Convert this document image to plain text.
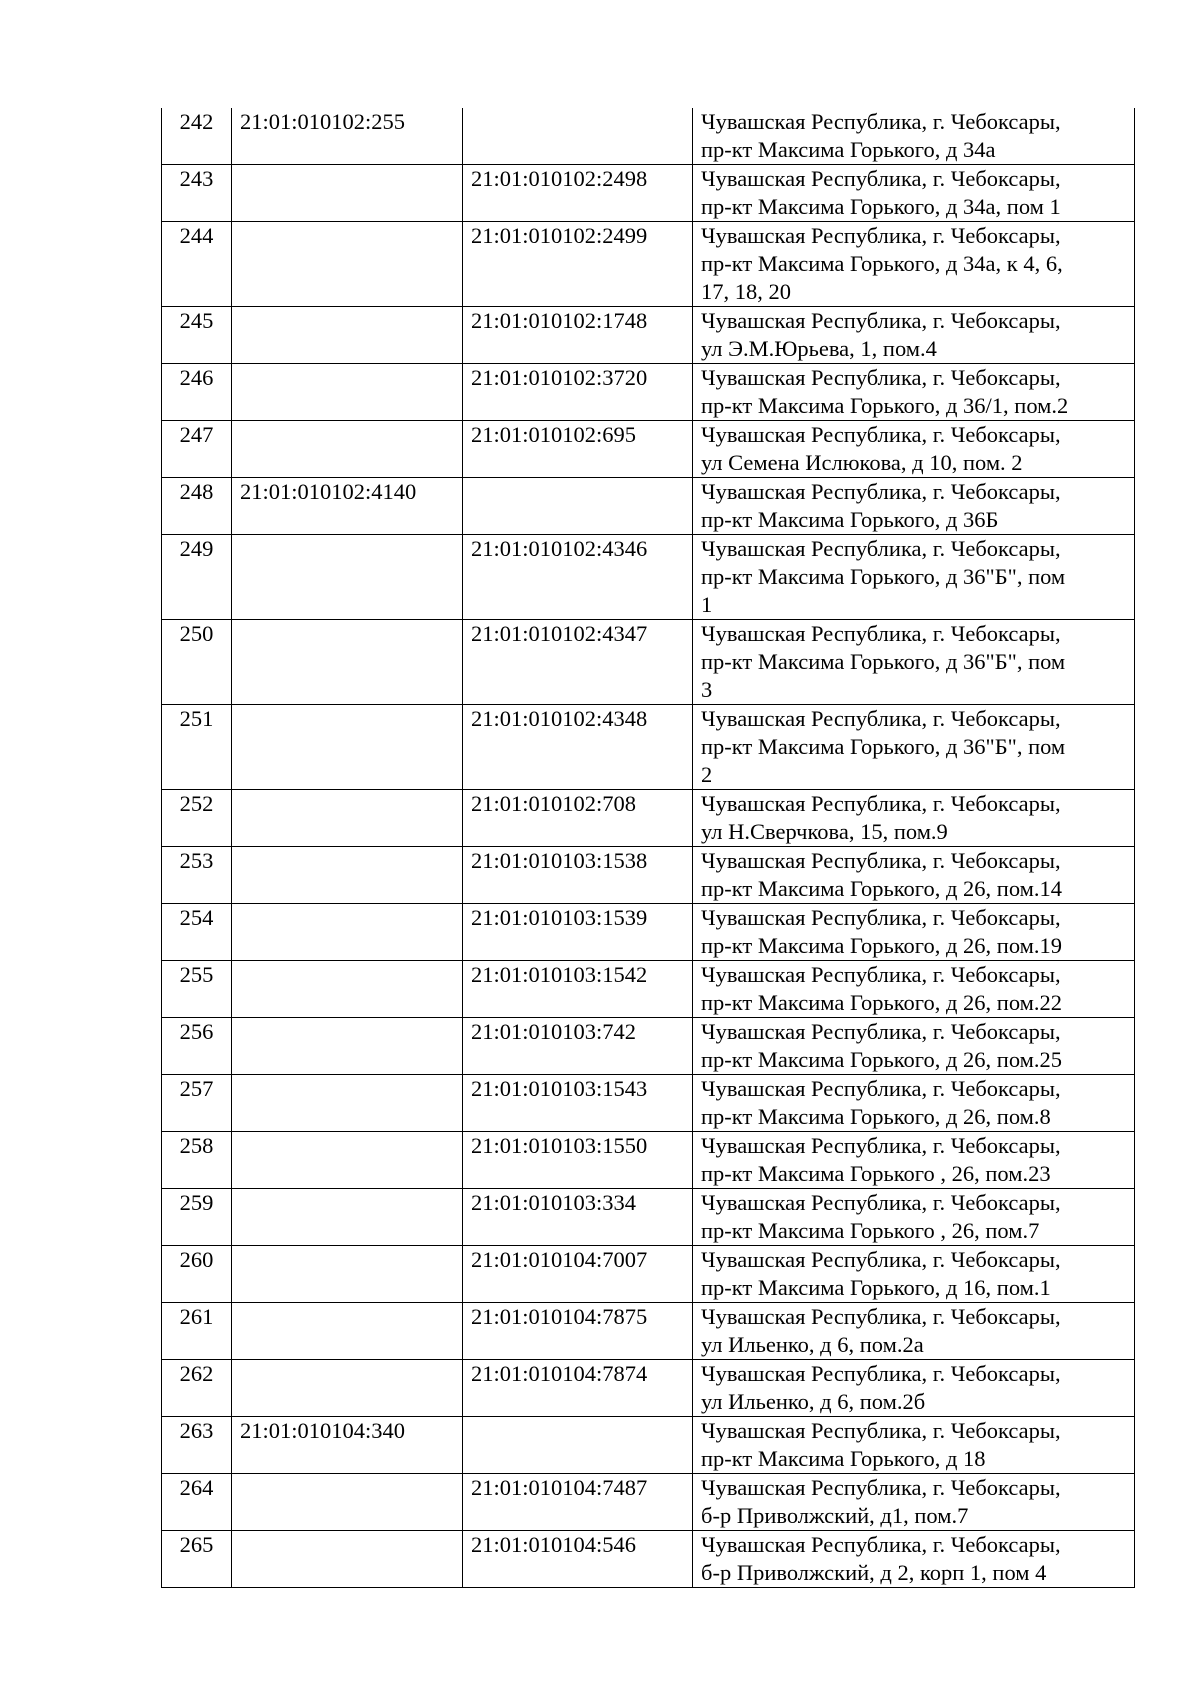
242	21:01:010102:255		Чувашская Республика, г. Чебоксары,
пр-кт Максима Горького, д 34а

243		21:01:010102:2498	Чувашская Республика, г. Чебоксары,
пр-кт Максима Горького, д 34а, пом 1

244		21:01:010102:2499	Чувашская Республика, г. Чебоксары,
пр-кт Максима Горького, д 34а, к 4, 6,
17, 18, 20

245		21:01:010102:1748	Чувашская Республика, г. Чебоксары,
ул Э.М.Юрьева, 1, пом.4

246		21:01:010102:3720	Чувашская Республика, г. Чебоксары,
пр-кт Максима Горького, д 36/1, пом.2

247		21:01:010102:695	Чувашская Республика, г. Чебоксары,
ул Семена Ислюкова, д 10, пом. 2

248	21:01:010102:4140		Чувашская Республика, г. Чебоксары,
пр-кт Максима Горького, д 36Б

249		21:01:010102:4346	Чувашская Республика, г. Чебоксары,
пр-кт Максима Горького, д 36"Б", пом
1

250		21:01:010102:4347	Чувашская Республика, г. Чебоксары,
пр-кт Максима Горького, д 36"Б", пом
3

251		21:01:010102:4348	Чувашская Республика, г. Чебоксары,
пр-кт Максима Горького, д 36"Б", пом
2

252		21:01:010102:708	Чувашская Республика, г. Чебоксары,
ул Н.Сверчкова, 15, пом.9

253		21:01:010103:1538	Чувашская Республика, г. Чебоксары,
пр-кт Максима Горького, д 26, пом.14

254		21:01:010103:1539	Чувашская Республика, г. Чебоксары,
пр-кт Максима Горького, д 26, пом.19

255		21:01:010103:1542	Чувашская Республика, г. Чебоксары,
пр-кт Максима Горького, д 26, пом.22

256		21:01:010103:742	Чувашская Республика, г. Чебоксары,
пр-кт Максима Горького, д 26, пом.25

257		21:01:010103:1543	Чувашская Республика, г. Чебоксары,
пр-кт Максима Горького, д 26, пом.8

258		21:01:010103:1550	Чувашская Республика, г. Чебоксары,
пр-кт Максима Горького , 26, пом.23

259		21:01:010103:334	Чувашская Республика, г. Чебоксары,
пр-кт Максима Горького , 26, пом.7

260		21:01:010104:7007	Чувашская Республика, г. Чебоксары,
пр-кт Максима Горького, д 16, пом.1

261		21:01:010104:7875	Чувашская Республика, г. Чебоксары,
ул Ильенко, д 6, пом.2а

262		21:01:010104:7874	Чувашская Республика, г. Чебоксары,
ул Ильенко, д 6, пом.2б

263	21:01:010104:340		Чувашская Республика, г. Чебоксары,
пр-кт Максима Горького, д 18

264		21:01:010104:7487	Чувашская Республика, г. Чебоксары,
б-р Приволжский, д1, пом.7

265		21:01:010104:546	Чувашская Республика, г. Чебоксары,
б-р Приволжский, д 2, корп 1, пом 4
